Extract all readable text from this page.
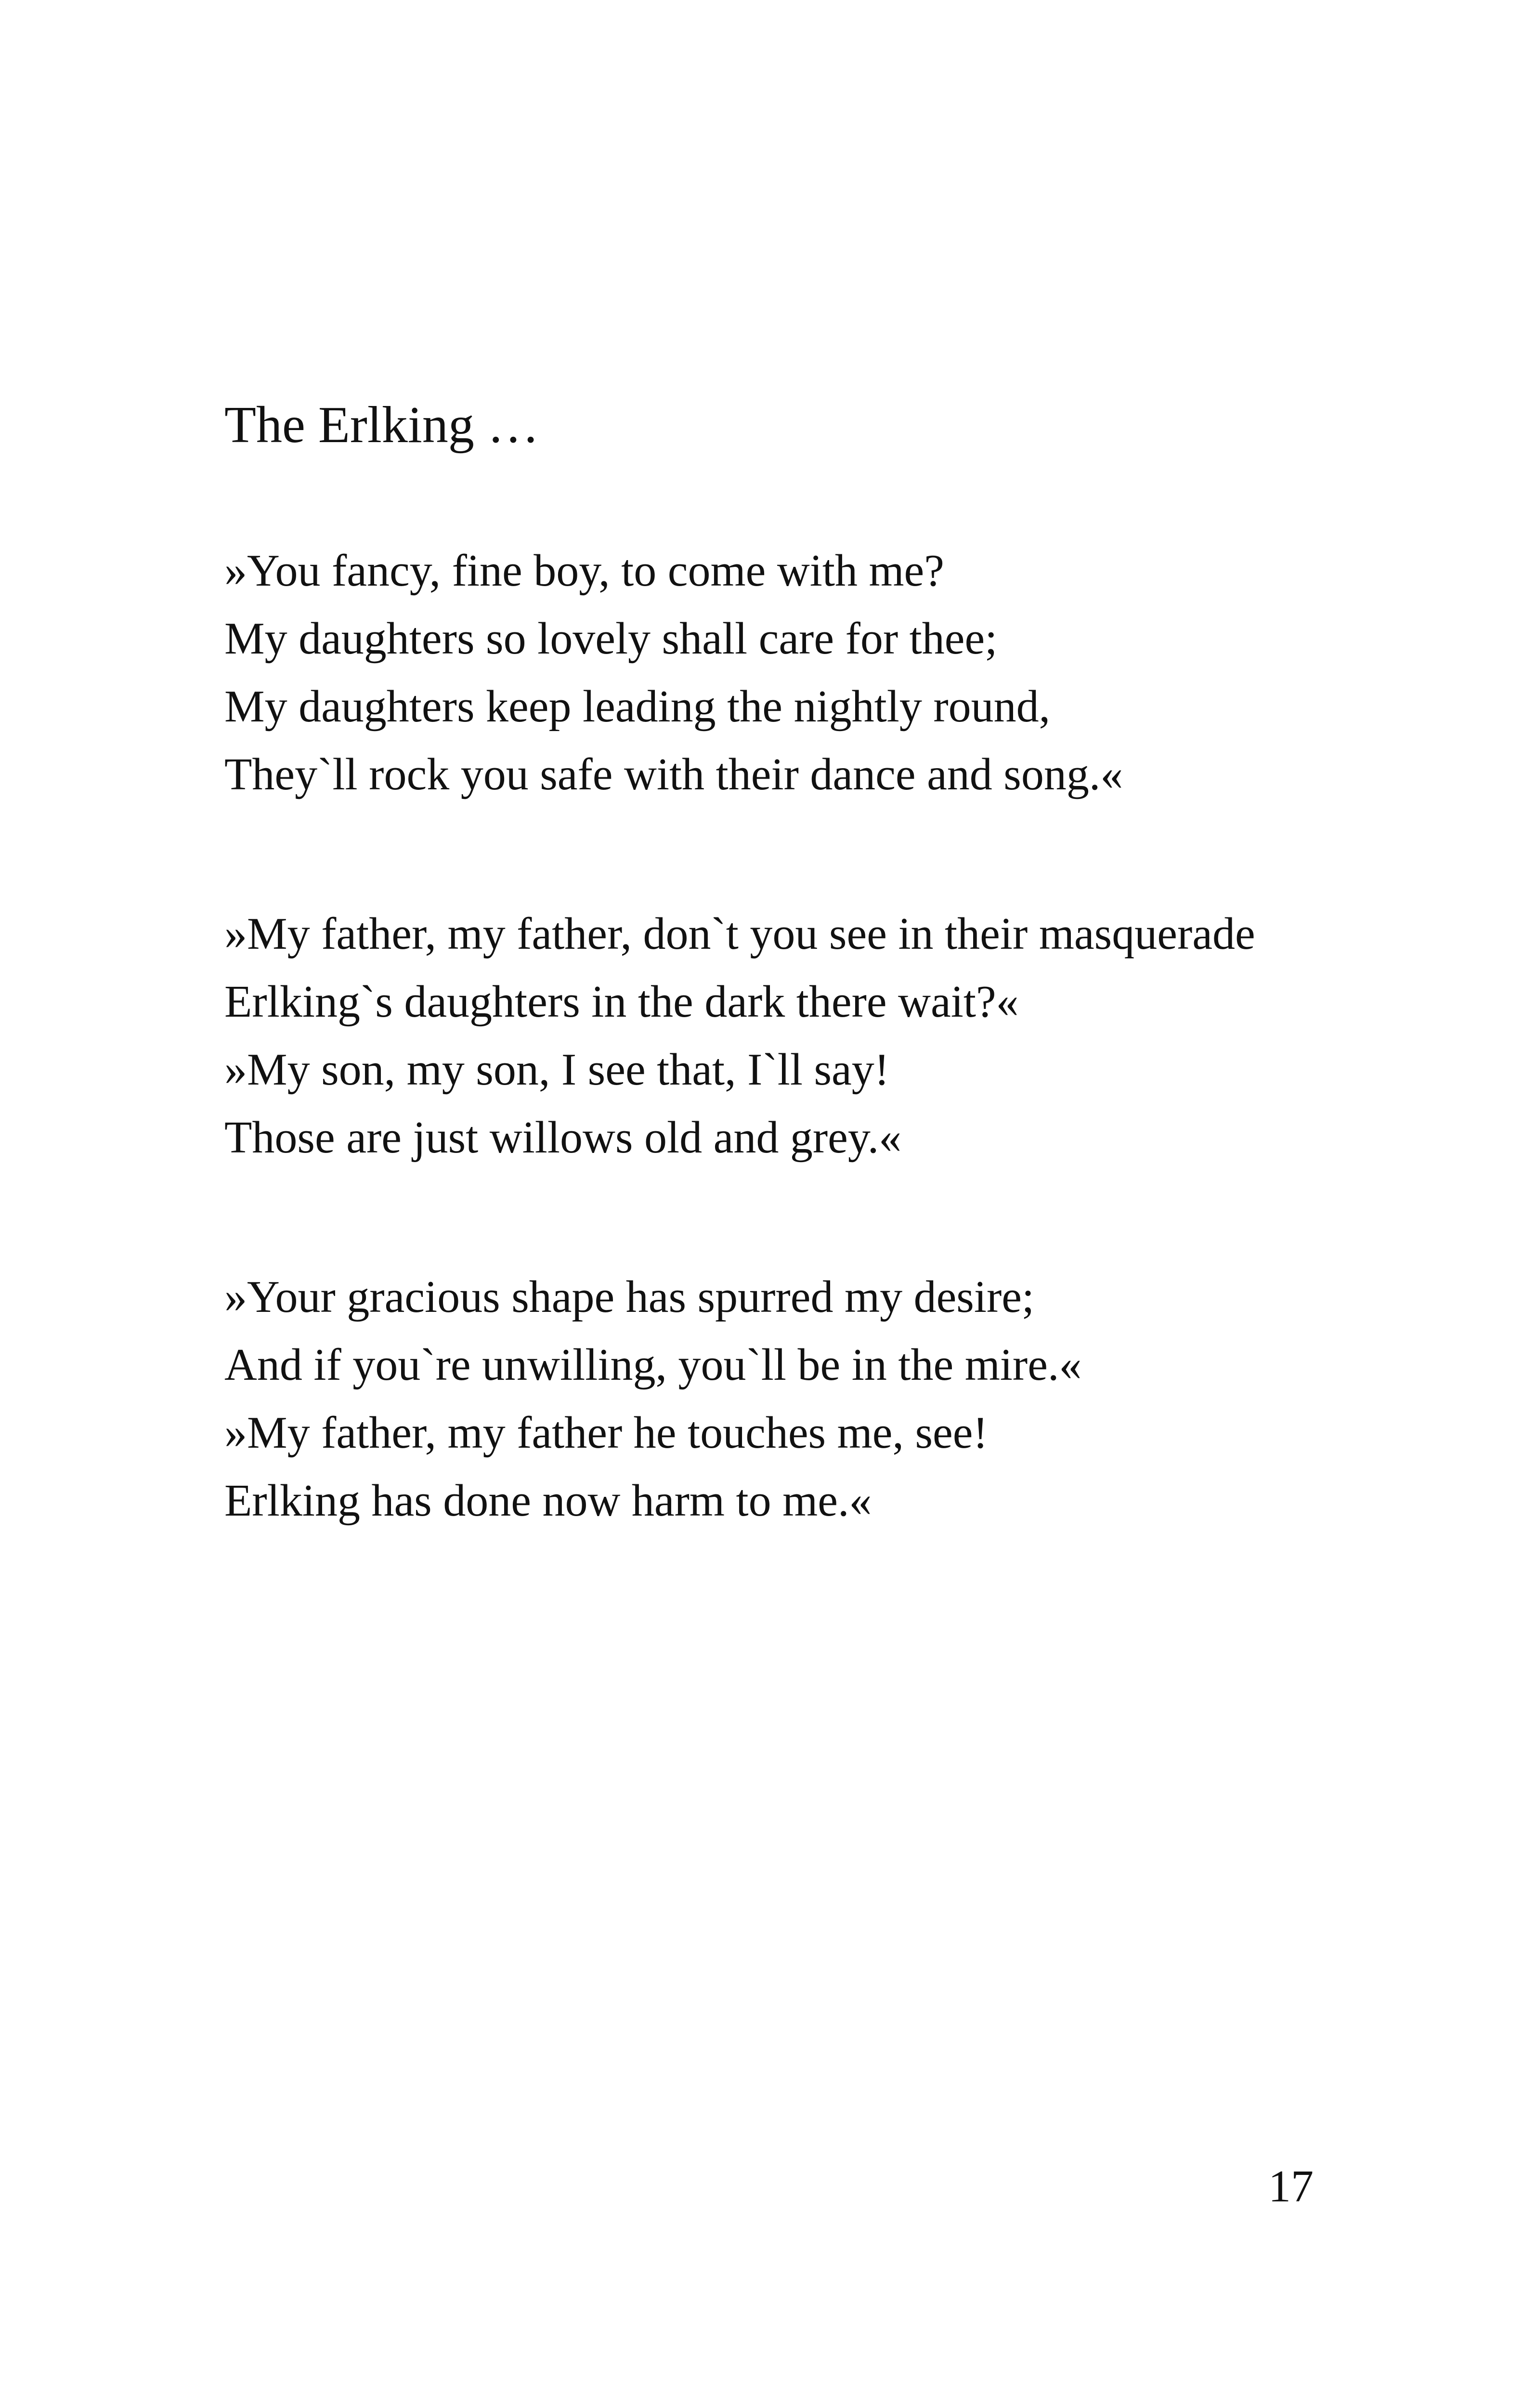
The Erlking …
»You fancy, fine boy, to come with me?
My daughters so lovely shall care for thee;
My daughters keep leading the nightly round,
They`ll rock you safe with their dance and song.«
»My father, my father, don`t you see in their masquerade
Erlking`s daughters in the dark there wait?«
»My son, my son, I see that, I`ll say!
Those are just willows old and grey.«
»Your gracious shape has spurred my desire;
And if you`re unwilling, you`ll be in the mire.«
»My father, my father he touches me, see!
Erlking has done now harm to me.«
17
